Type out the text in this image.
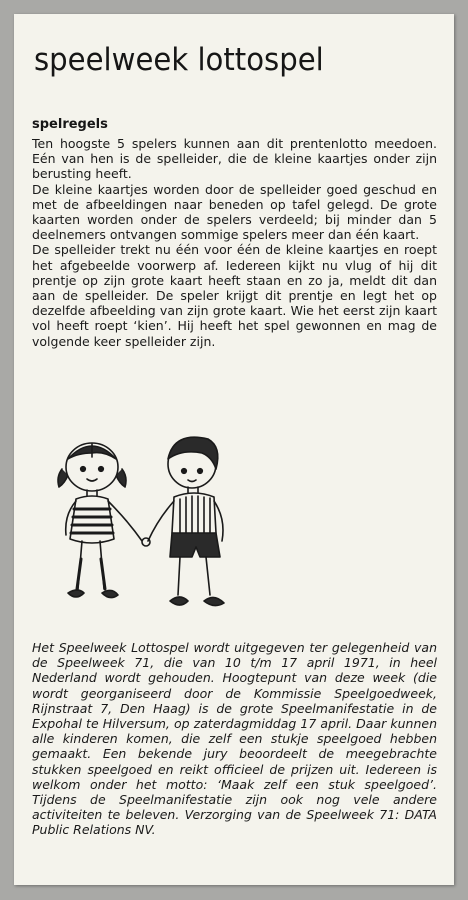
speelweek lottospel
spelregels

Ten hoogste 5 spelers kunnen aan dit prentenlotto meedoen. Eén van hen is de spelleider, die de kleine kaartjes onder zijn berusting heeft.

De kleine kaartjes worden door de spelleider goed geschud en met de afbeeldingen naar beneden op tafel gelegd. De grote kaarten worden onder de spelers verdeeld; bij minder dan 5 deelnemers ontvangen sommige spelers meer dan één kaart.

De spelleider trekt nu één voor één de kleine kaartjes en roept het afgebeelde voorwerp af. Iedereen kijkt nu vlug of hij dit prentje op zijn grote kaart heeft staan en zo ja, meldt dit dan aan de spelleider. De speler krijgt dit prentje en legt het op dezelfde afbeelding van zijn grote kaart. Wie het eerst zijn kaart vol heeft roept ‘kien’. Hij heeft het spel gewonnen en mag de volgende keer spelleider zijn.

Het Speelweek Lottospel wordt uitgegeven ter gelegenheid van de Speelweek 71, die van 10 t/m 17 april 1971, in heel Nederland wordt gehouden. Hoogtepunt van deze week (die wordt georganiseerd door de Kommissie Speelgoedweek, Rijnstraat 7, Den Haag) is de grote Speelmanifestatie in de Expohal te Hilversum, op zaterdagmiddag 17 april. Daar kunnen alle kinderen komen, die zelf een stukje speelgoed hebben gemaakt. Een bekende jury beoordeelt de meegebrachte stukken speelgoed en reikt officieel de prijzen uit. Iedereen is welkom onder het motto: ‘Maak zelf een stuk speelgoed’. Tijdens de Speelmanifestatie zijn ook nog vele andere activiteiten te beleven. Verzorging van de Speelweek 71: DATA Public Relations NV.
